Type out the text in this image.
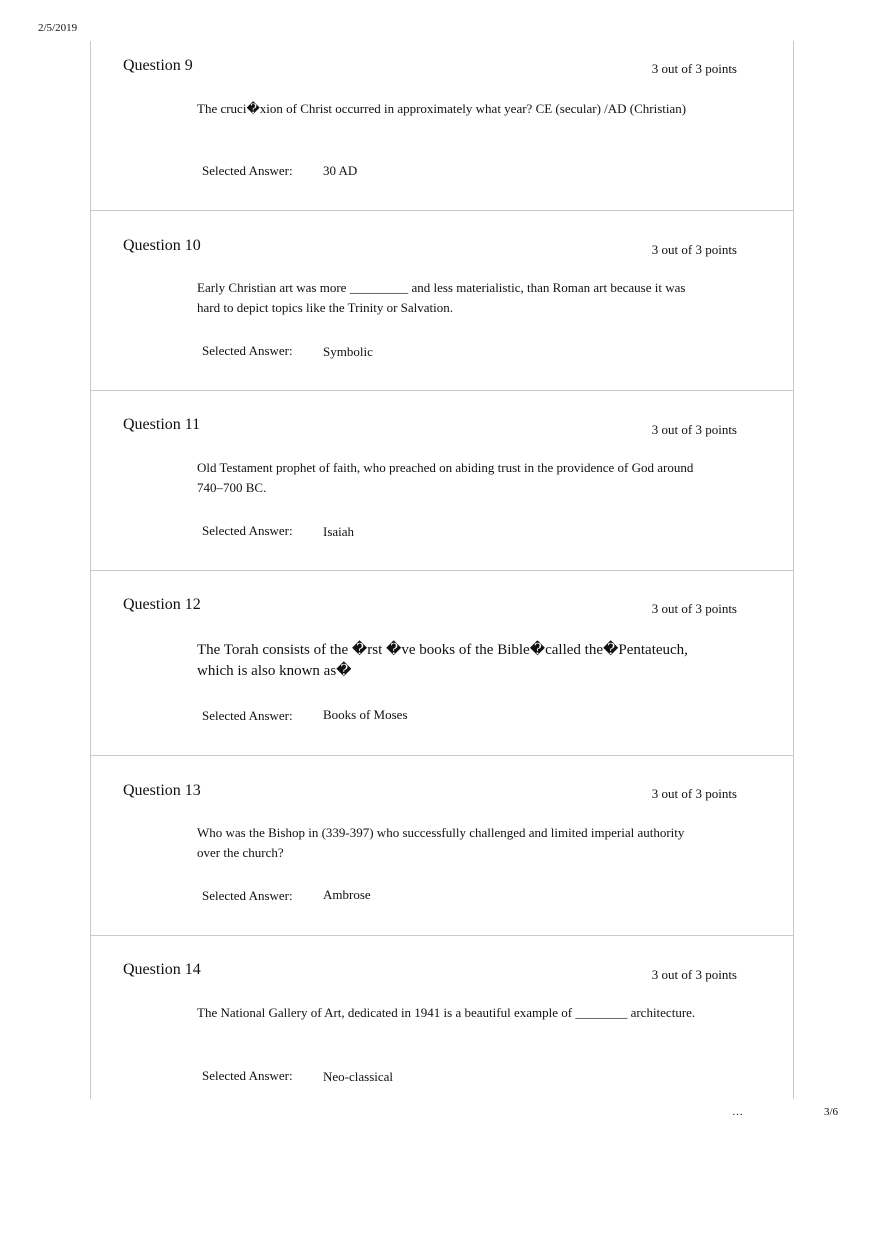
2/5/2019
Question 9	3 out of 3 points
The cruci�xion of Christ occurred in approximately what year? CE (secular) /AD (Christian)
Selected Answer: 30 AD
Question 10	3 out of 3 points
Early Christian art was more _________ and less materialistic, than Roman art because it was hard to depict topics like the Trinity or Salvation.
Selected Answer: Symbolic
Question 11	3 out of 3 points
Old Testament prophet of faith, who preached on abiding trust in the providence of God around 740–700 BC.
Selected Answer: Isaiah
Question 12	3 out of 3 points
The Torah consists of the �rst �ve books of the Bible�called the�Pentateuch, which is also known as�
Selected Answer: Books of Moses
Question 13	3 out of 3 points
Who was the Bishop in (339-397) who successfully challenged and limited imperial authority over the church?
Selected Answer: Ambrose
Question 14	3 out of 3 points
The National Gallery of Art, dedicated in 1941 is a beautiful example of ________ architecture.
Selected Answer: Neo-classical
…	3/6
